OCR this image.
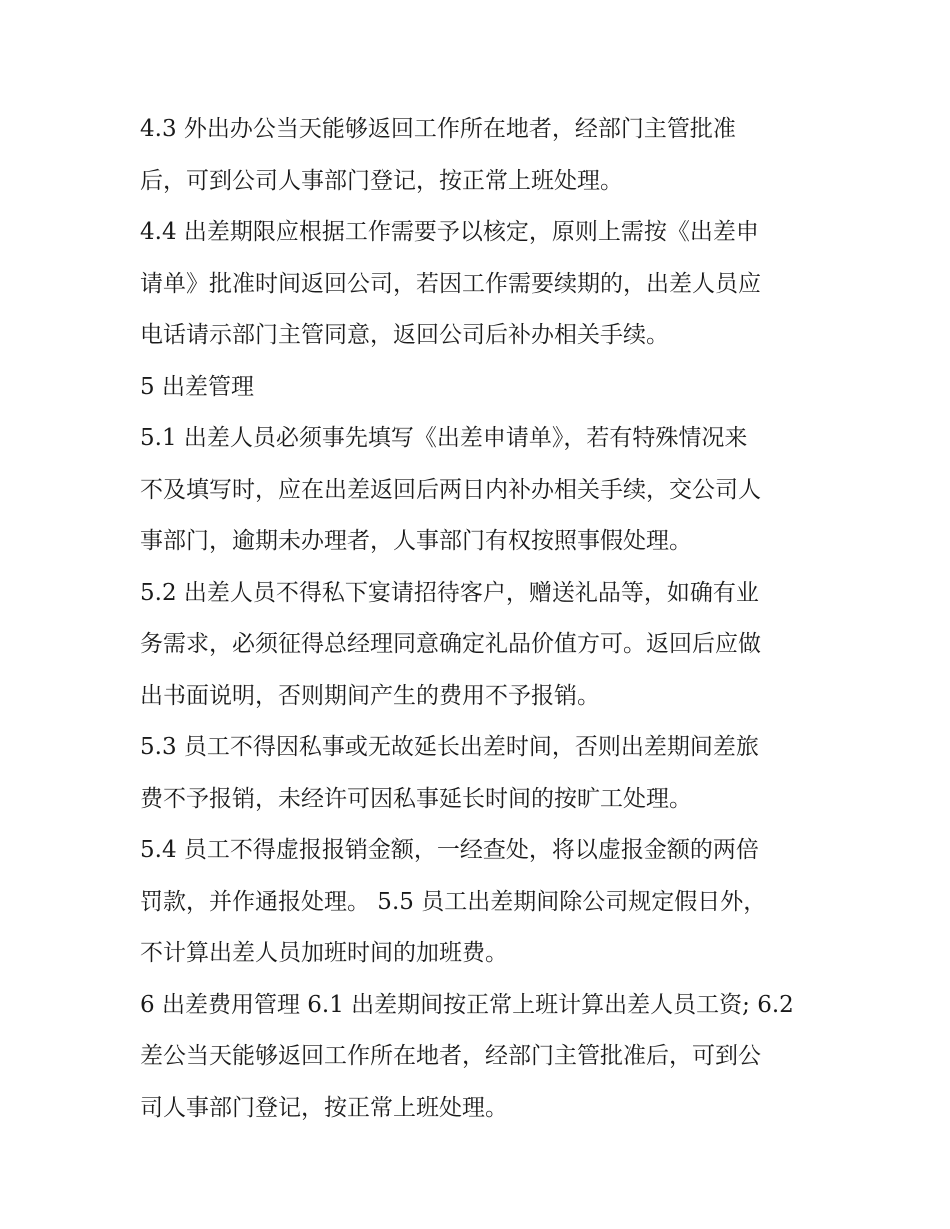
4.3 外出办公当天能够返回工作所在地者，经部门主管批准
后，可到公司人事部门登记，按正常上班处理。
4.4 出差期限应根据工作需要予以核定，原则上需按《出差申
请单》批准时间返回公司，若因工作需要续期的，出差人员应
电话请示部门主管同意，返回公司后补办相关手续。
5 出差管理
5.1 出差人员必须事先填写《出差申请单》，若有特殊情况来
不及填写时，应在出差返回后两日内补办相关手续，交公司人
事部门，逾期未办理者，人事部门有权按照事假处理。
5.2 出差人员不得私下宴请招待客户，赠送礼品等，如确有业
务需求，必须征得总经理同意确定礼品价值方可。返回后应做
出书面说明，否则期间产生的费用不予报销。
5.3 员工不得因私事或无故延长出差时间，否则出差期间差旅
费不予报销，未经许可因私事延长时间的按旷工处理。
5.4 员工不得虚报报销金额，一经查处，将以虚报金额的两倍
罚款，并作通报处理。 5.5 员工出差期间除公司规定假日外，
不计算出差人员加班时间的加班费。
6 出差费用管理 6.1 出差期间按正常上班计算出差人员工资; 6.2
差公当天能够返回工作所在地者，经部门主管批准后，可到公
司人事部门登记，按正常上班处理。
